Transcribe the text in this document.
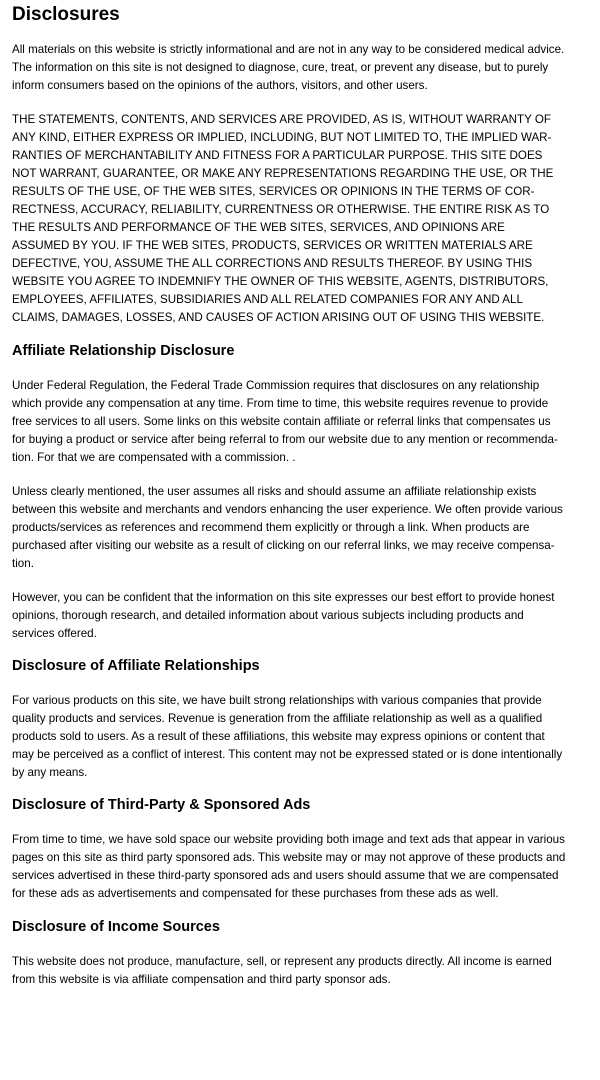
Disclosures

All materials on this website is strictly informational and are not in any way to be considered medical advice.
The information on this site is not designed to diagnose, cure, treat, or prevent any disease, but to purely
inform consumers based on the opinions of the authors, visitors, and other users.

THE STATEMENTS, CONTENTS, AND SERVICES ARE PROVIDED, AS IS, WITHOUT WARRANTY OF
ANY KIND, EITHER EXPRESS OR IMPLIED, INCLUDING, BUT NOT LIMITED TO, THE IMPLIED WAR-
RANTIES OF MERCHANTABILITY AND FITNESS FOR A PARTICULAR PURPOSE. THIS SITE DOES
NOT WARRANT, GUARANTEE, OR MAKE ANY REPRESENTATIONS REGARDING THE USE, OR THE
RESULTS OF THE USE, OF THE WEB SITES, SERVICES OR OPINIONS IN THE TERMS OF COR-
RECTNESS, ACCURACY, RELIABILITY, CURRENTNESS OR OTHERWISE. THE ENTIRE RISK AS TO
THE RESULTS AND PERFORMANCE OF THE WEB SITES, SERVICES, AND OPINIONS ARE
ASSUMED BY YOU. IF THE WEB SITES, PRODUCTS, SERVICES OR WRITTEN MATERIALS ARE
DEFECTIVE, YOU, ASSUME THE ALL CORRECTIONS AND RESULTS THEREOF. BY USING THIS
WEBSITE YOU AGREE TO INDEMNIFY THE OWNER OF THIS WEBSITE, AGENTS, DISTRIBUTORS,
EMPLOYEES, AFFILIATES, SUBSIDIARIES AND ALL RELATED COMPANIES FOR ANY AND ALL
CLAIMS, DAMAGES, LOSSES, AND CAUSES OF ACTION ARISING OUT OF USING THIS WEBSITE.

Affiliate Relationship Disclosure

Under Federal Regulation, the Federal Trade Commission requires that disclosures on any relationship
which provide any compensation at any time. From time to time, this website requires revenue to provide
free services to all users. Some links on this website contain affiliate or referral links that compensates us
for buying a product or service after being referral to from our website due to any mention or recommenda-
tion. For that we are compensated with a commission. .

Unless clearly mentioned, the user assumes all risks and should assume an affiliate relationship exists
between this website and merchants and vendors enhancing the user experience. We often provide various
products/services as references and recommend them explicitly or through a link. When products are
purchased after visiting our website as a result of clicking on our referral links, we may receive compensa-
tion.

However, you can be confident that the information on this site expresses our best effort to provide honest
opinions, thorough research, and detailed information about various subjects including products and
services offered.

Disclosure of Affiliate Relationships

For various products on this site, we have built strong relationships with various companies that provide
quality products and services. Revenue is generation from the affiliate relationship as well as a qualified
products sold to users. As a result of these affiliations, this website may express opinions or content that
may be perceived as a conflict of interest. This content may not be expressed stated or is done intentionally
by any means.

Disclosure of Third-Party & Sponsored Ads

From time to time, we have sold space our website providing both image and text ads that appear in various
pages on this site as third party sponsored ads. This website may or may not approve of these products and
services advertised in these third-party sponsored ads and users should assume that we are compensated
for these ads as advertisements and compensated for these purchases from these ads as well.

Disclosure of Income Sources

This website does not produce, manufacture, sell, or represent any products directly. All income is earned
from this website is via affiliate compensation and third party sponsor ads.
